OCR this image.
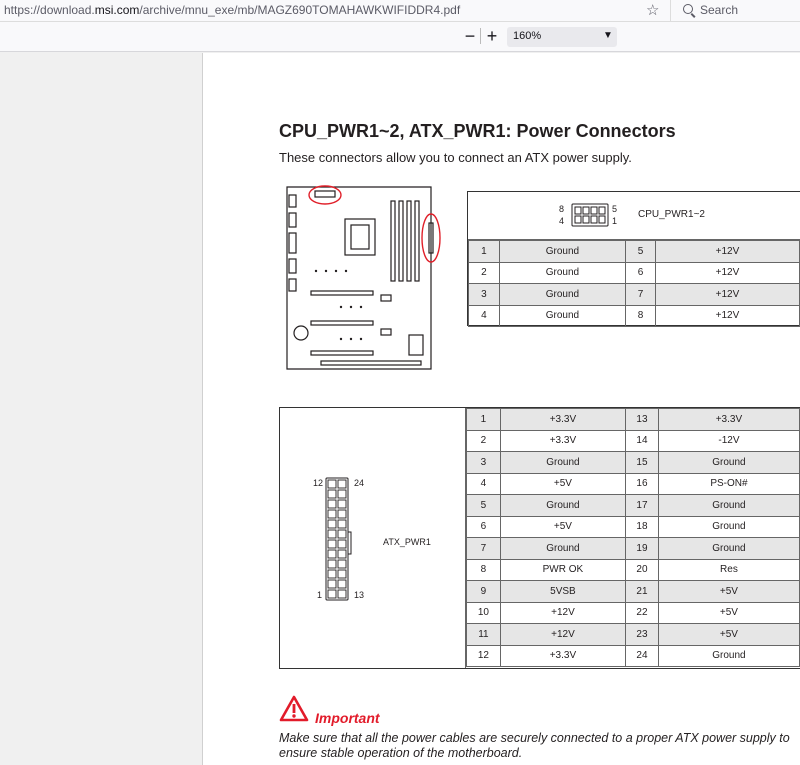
https://download.msi.com/archive/mnu_exe/mb/MAGZ690TOMAHAWKWIFIDDR4.pdf	☆	Search
− + 160%	▼
CPU_PWR1~2, ATX_PWR1: Power Connectors
These connectors allow you to connect an ATX power supply.
8
4
5
1
CPU_PWR1~2
1	Ground	5	+12V
2	Ground	6	+12V
3	Ground	7	+12V
4	Ground	8	+12V
12	24
1	13
ATX_PWR1
1	+3.3V	13	+3.3V
2	+3.3V	14	-12V
3	Ground	15	Ground
4	+5V	16	PS-ON#
5	Ground	17	Ground
6	+5V	18	Ground
7	Ground	19	Ground
8	PWR OK	20	Res
9	5VSB	21	+5V
10	+12V	22	+5V
11	+12V	23	+5V
12	+3.3V	24	Ground
Important
Make sure that all the power cables are securely connected to a proper ATX power supply to ensure stable operation of the motherboard.
